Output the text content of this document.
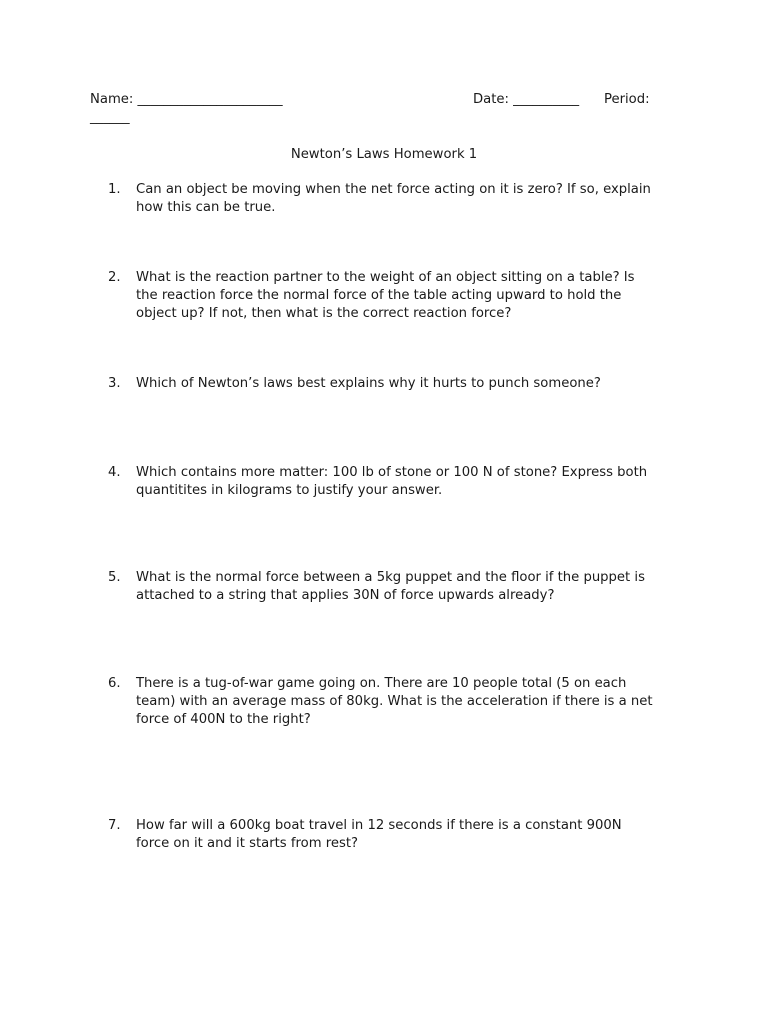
Name: ______________________	Date: __________ Period:
______
Newton’s Laws Homework 1
1.	Can an object be moving when the net force acting on it is zero? If so, explain
how this can be true.
2.	What is the reaction partner to the weight of an object sitting on a table? Is
the reaction force the normal force of the table acting upward to hold the
object up? If not, then what is the correct reaction force?
3.	Which of Newton’s laws best explains why it hurts to punch someone?
4.	Which contains more matter: 100 lb of stone or 100 N of stone? Express both
quantitites in kilograms to justify your answer.
5.	What is the normal force between a 5kg puppet and the floor if the puppet is
attached to a string that applies 30N of force upwards already?
6.	There is a tug-of-war game going on. There are 10 people total (5 on each
team) with an average mass of 80kg. What is the acceleration if there is a net
force of 400N to the right?
7.	How far will a 600kg boat travel in 12 seconds if there is a constant 900N
force on it and it starts from rest?
